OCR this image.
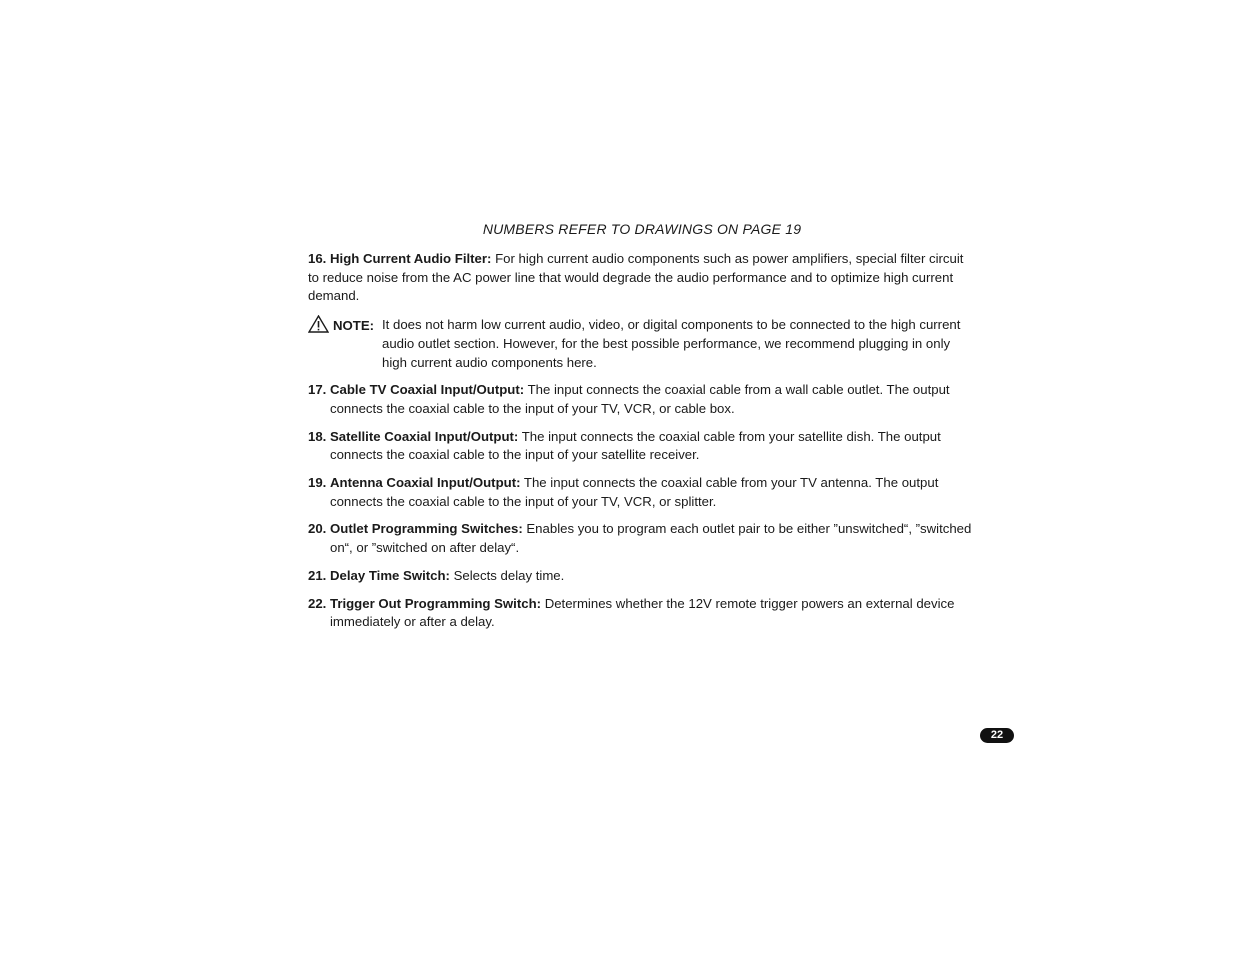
NUMBERS REFER TO DRAWINGS ON PAGE 19

16. High Current Audio Filter: For high current audio components such as power amplifiers, special filter circuit to reduce noise from the AC power line that would degrade the audio performance and to optimize high current demand.

NOTE: It does not harm low current audio, video, or digital components to be connected to the high current audio outlet section. However, for the best possible performance, we recommend plugging in only high current audio components here.

17. Cable TV Coaxial Input/Output: The input connects the coaxial cable from a wall cable outlet. The output connects the coaxial cable to the input of your TV, VCR, or cable box.

18. Satellite Coaxial Input/Output: The input connects the coaxial cable from your satellite dish. The output connects the coaxial cable to the input of your satellite receiver.

19. Antenna Coaxial Input/Output: The input connects the coaxial cable from your TV antenna. The output connects the coaxial cable to the input of your TV, VCR, or splitter.

20. Outlet Programming Switches: Enables you to program each outlet pair to be either ”unswitched“, ”switched on“, or ”switched on after delay“.

21. Delay Time Switch: Selects delay time.

22. Trigger Out Programming Switch: Determines whether the 12V remote trigger powers an external device immediately or after a delay.

22
